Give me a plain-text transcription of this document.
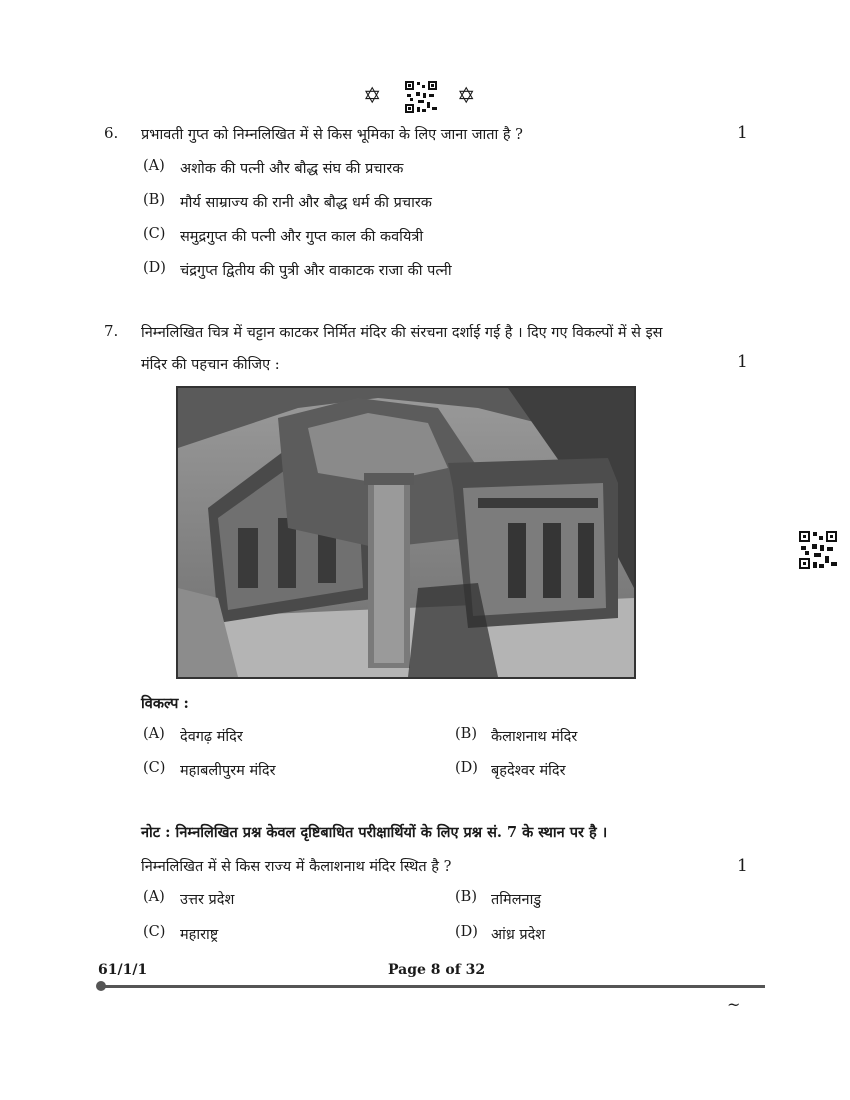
✡	✡
6. प्रभावती गुप्त को निम्नलिखित में से किस भूमिका के लिए जाना जाता है ?	1
(A) अशोक की पत्नी और बौद्ध संघ की प्रचारक
(B) मौर्य साम्राज्य की रानी और बौद्ध धर्म की प्रचारक
(C) समुद्रगुप्त की पत्नी और गुप्त काल की कवयित्री
(D) चंद्रगुप्त द्वितीय की पुत्री और वाकाटक राजा की पत्नी
7. निम्नलिखित चित्र में चट्टान काटकर निर्मित मंदिर की संरचना दर्शाई गई है । दिए गए विकल्पों में से इस
मंदिर की पहचान कीजिए :	1
विकल्प :
(A) देवगढ़ मंदिर	(B) कैलाशनाथ मंदिर
(C) महाबलीपुरम मंदिर	(D) बृहदेश्वर मंदिर
नोट : निम्नलिखित प्रश्न केवल दृष्टिबाधित परीक्षार्थियों के लिए प्रश्न सं. 7 के स्थान पर है ।
निम्नलिखित में से किस राज्य में कैलाशनाथ मंदिर स्थित है ?	1
(A) उत्तर प्रदेश	(B) तमिलनाडु
(C) महाराष्ट्र	(D) आंध्र प्रदेश
61/1/1	Page 8 of 32
~
